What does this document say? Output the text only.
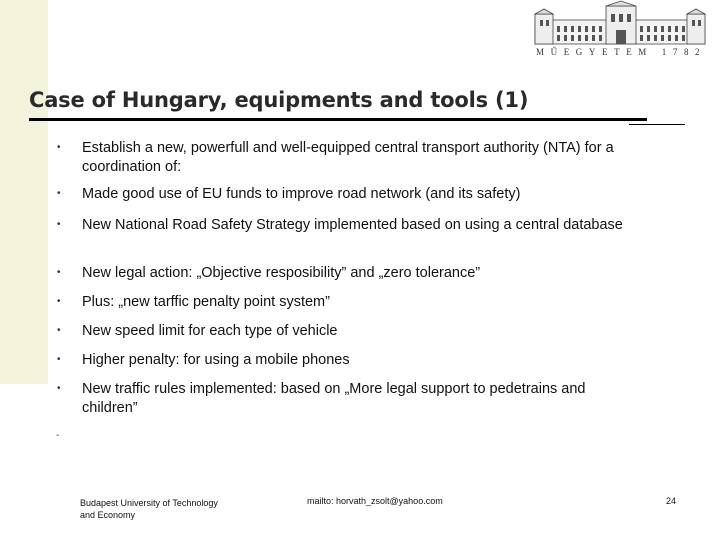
MŰEGYETEM 1782
Case of Hungary, equipments and tools (1)
• Establish a new, powerfull and well-equipped central transport authority (NTA) for a coordination of:
• Made good use of EU funds to improve road network (and its safety)
• New National Road Safety Strategy implemented based on using a central database
• New legal action: „Objective resposibility” and „zero tolerance”
• Plus: „new tarffic penalty point system”
• New speed limit for each type of vehicle
• Higher penalty: for using a mobile phones
• New traffic rules implemented: based on „More legal support to pedetrains and children”
-
Budapest University of Technology and Economy
mailto: horvath_zsolt@yahoo.com	24
